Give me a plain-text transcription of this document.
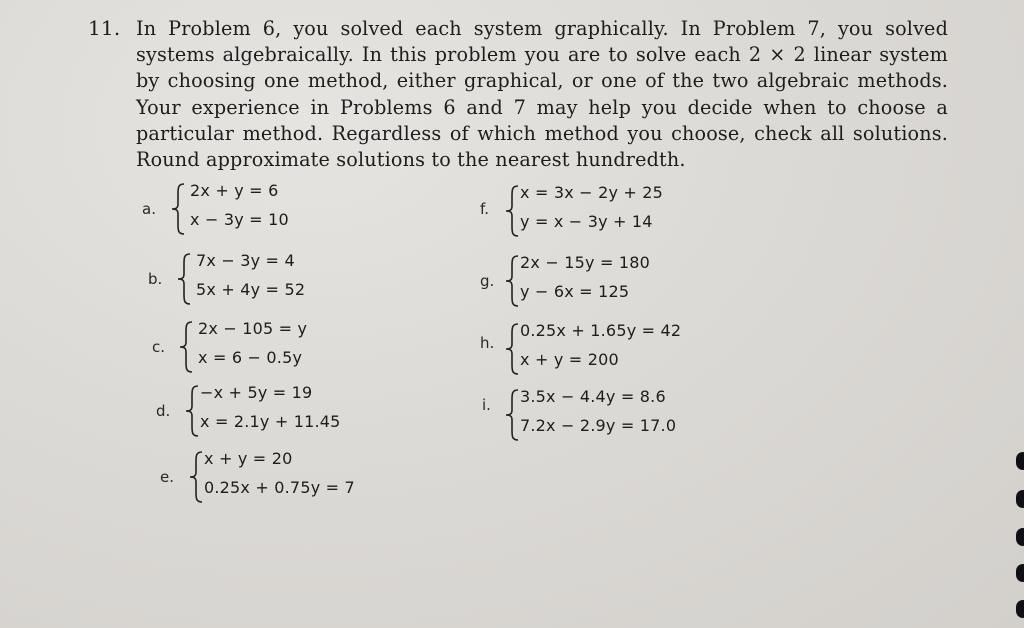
11. In Problem 6, you solved each system graphically. In Problem 7, you solved systems algebraically. In this problem you are to solve each 2 × 2 linear system by choosing one method, either graphical, or one of the two algebraic methods. Your experience in Problems 6 and 7 may help you decide when to choose a particular method. Regardless of which method you choose, check all solutions. Round approximate solutions to the nearest hundredth.
a.
2x + y = 6
x − 3y = 10
b.
7x − 3y = 4
5x + 4y = 52
c.
2x − 105 = y
x = 6 − 0.5y
d.
−x + 5y = 19
x = 2.1y + 11.45
e.
x + y = 20
0.25x + 0.75y = 7
f.
x = 3x − 2y + 25
y = x − 3y + 14
g.
2x − 15y = 180
y − 6x = 125
h.
0.25x + 1.65y = 42
x + y = 200
i. 3.5x − 4.4y = 8.6
7.2x − 2.9y = 17.0
